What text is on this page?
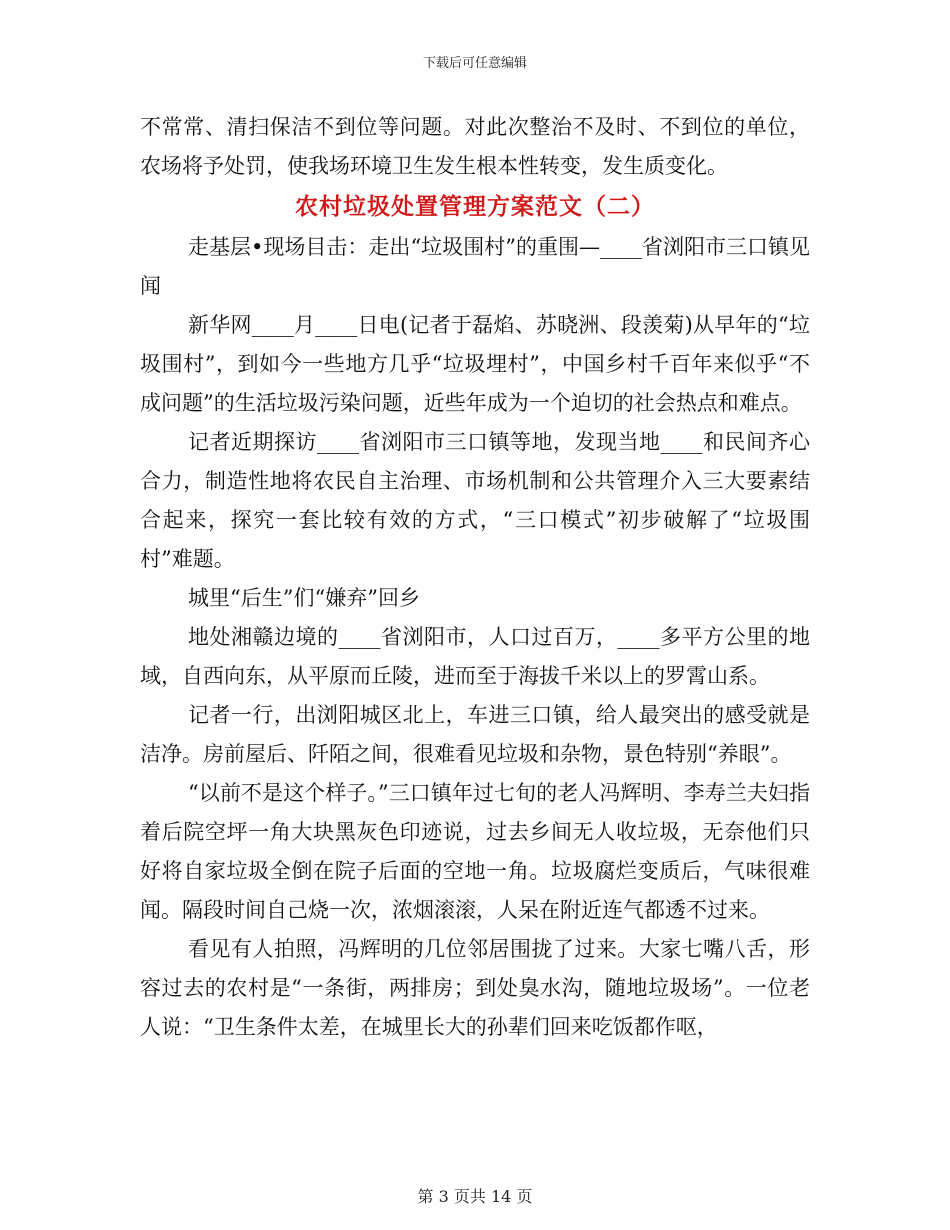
下载后可任意编辑

不常常、清扫保洁不到位等问题。对此次整治不及时、不到位的单位，农场将予处罚，使我场环境卫生发生根本性转变，发生质变化。

农村垃圾处置管理方案范文（二）

走基层•现场目击：走出“垃圾围村”的重围—____省浏阳市三口镇见闻

新华网____月____日电(记者于磊焰、苏晓洲、段羡菊)从早年的“垃圾围村”，到如今一些地方几乎“垃圾埋村”，中国乡村千百年来似乎“不成问题”的生活垃圾污染问题，近些年成为一个迫切的社会热点和难点。

记者近期探访____省浏阳市三口镇等地，发现当地____和民间齐心合力，制造性地将农民自主治理、市场机制和公共管理介入三大要素结合起来，探究一套比较有效的方式，“三口模式”初步破解了“垃圾围村”难题。

城里“后生”们“嫌弃”回乡

地处湘赣边境的____省浏阳市，人口过百万，____多平方公里的地域，自西向东，从平原而丘陵，进而至于海拔千米以上的罗霄山系。

记者一行，出浏阳城区北上，车进三口镇，给人最突出的感受就是洁净。房前屋后、阡陌之间，很难看见垃圾和杂物，景色特别“养眼”。

“以前不是这个样子。”三口镇年过七旬的老人冯辉明、李寿兰夫妇指着后院空坪一角大块黑灰色印迹说，过去乡间无人收垃圾，无奈他们只好将自家垃圾全倒在院子后面的空地一角。垃圾腐烂变质后，气味很难闻。隔段时间自己烧一次，浓烟滚滚，人呆在附近连气都透不过来。

看见有人拍照，冯辉明的几位邻居围拢了过来。大家七嘴八舌，形容过去的农村是“一条街，两排房；到处臭水沟，随地垃圾场”。一位老人说：“卫生条件太差，在城里长大的孙辈们回来吃饭都作呕，

第 3 页共 14 页
